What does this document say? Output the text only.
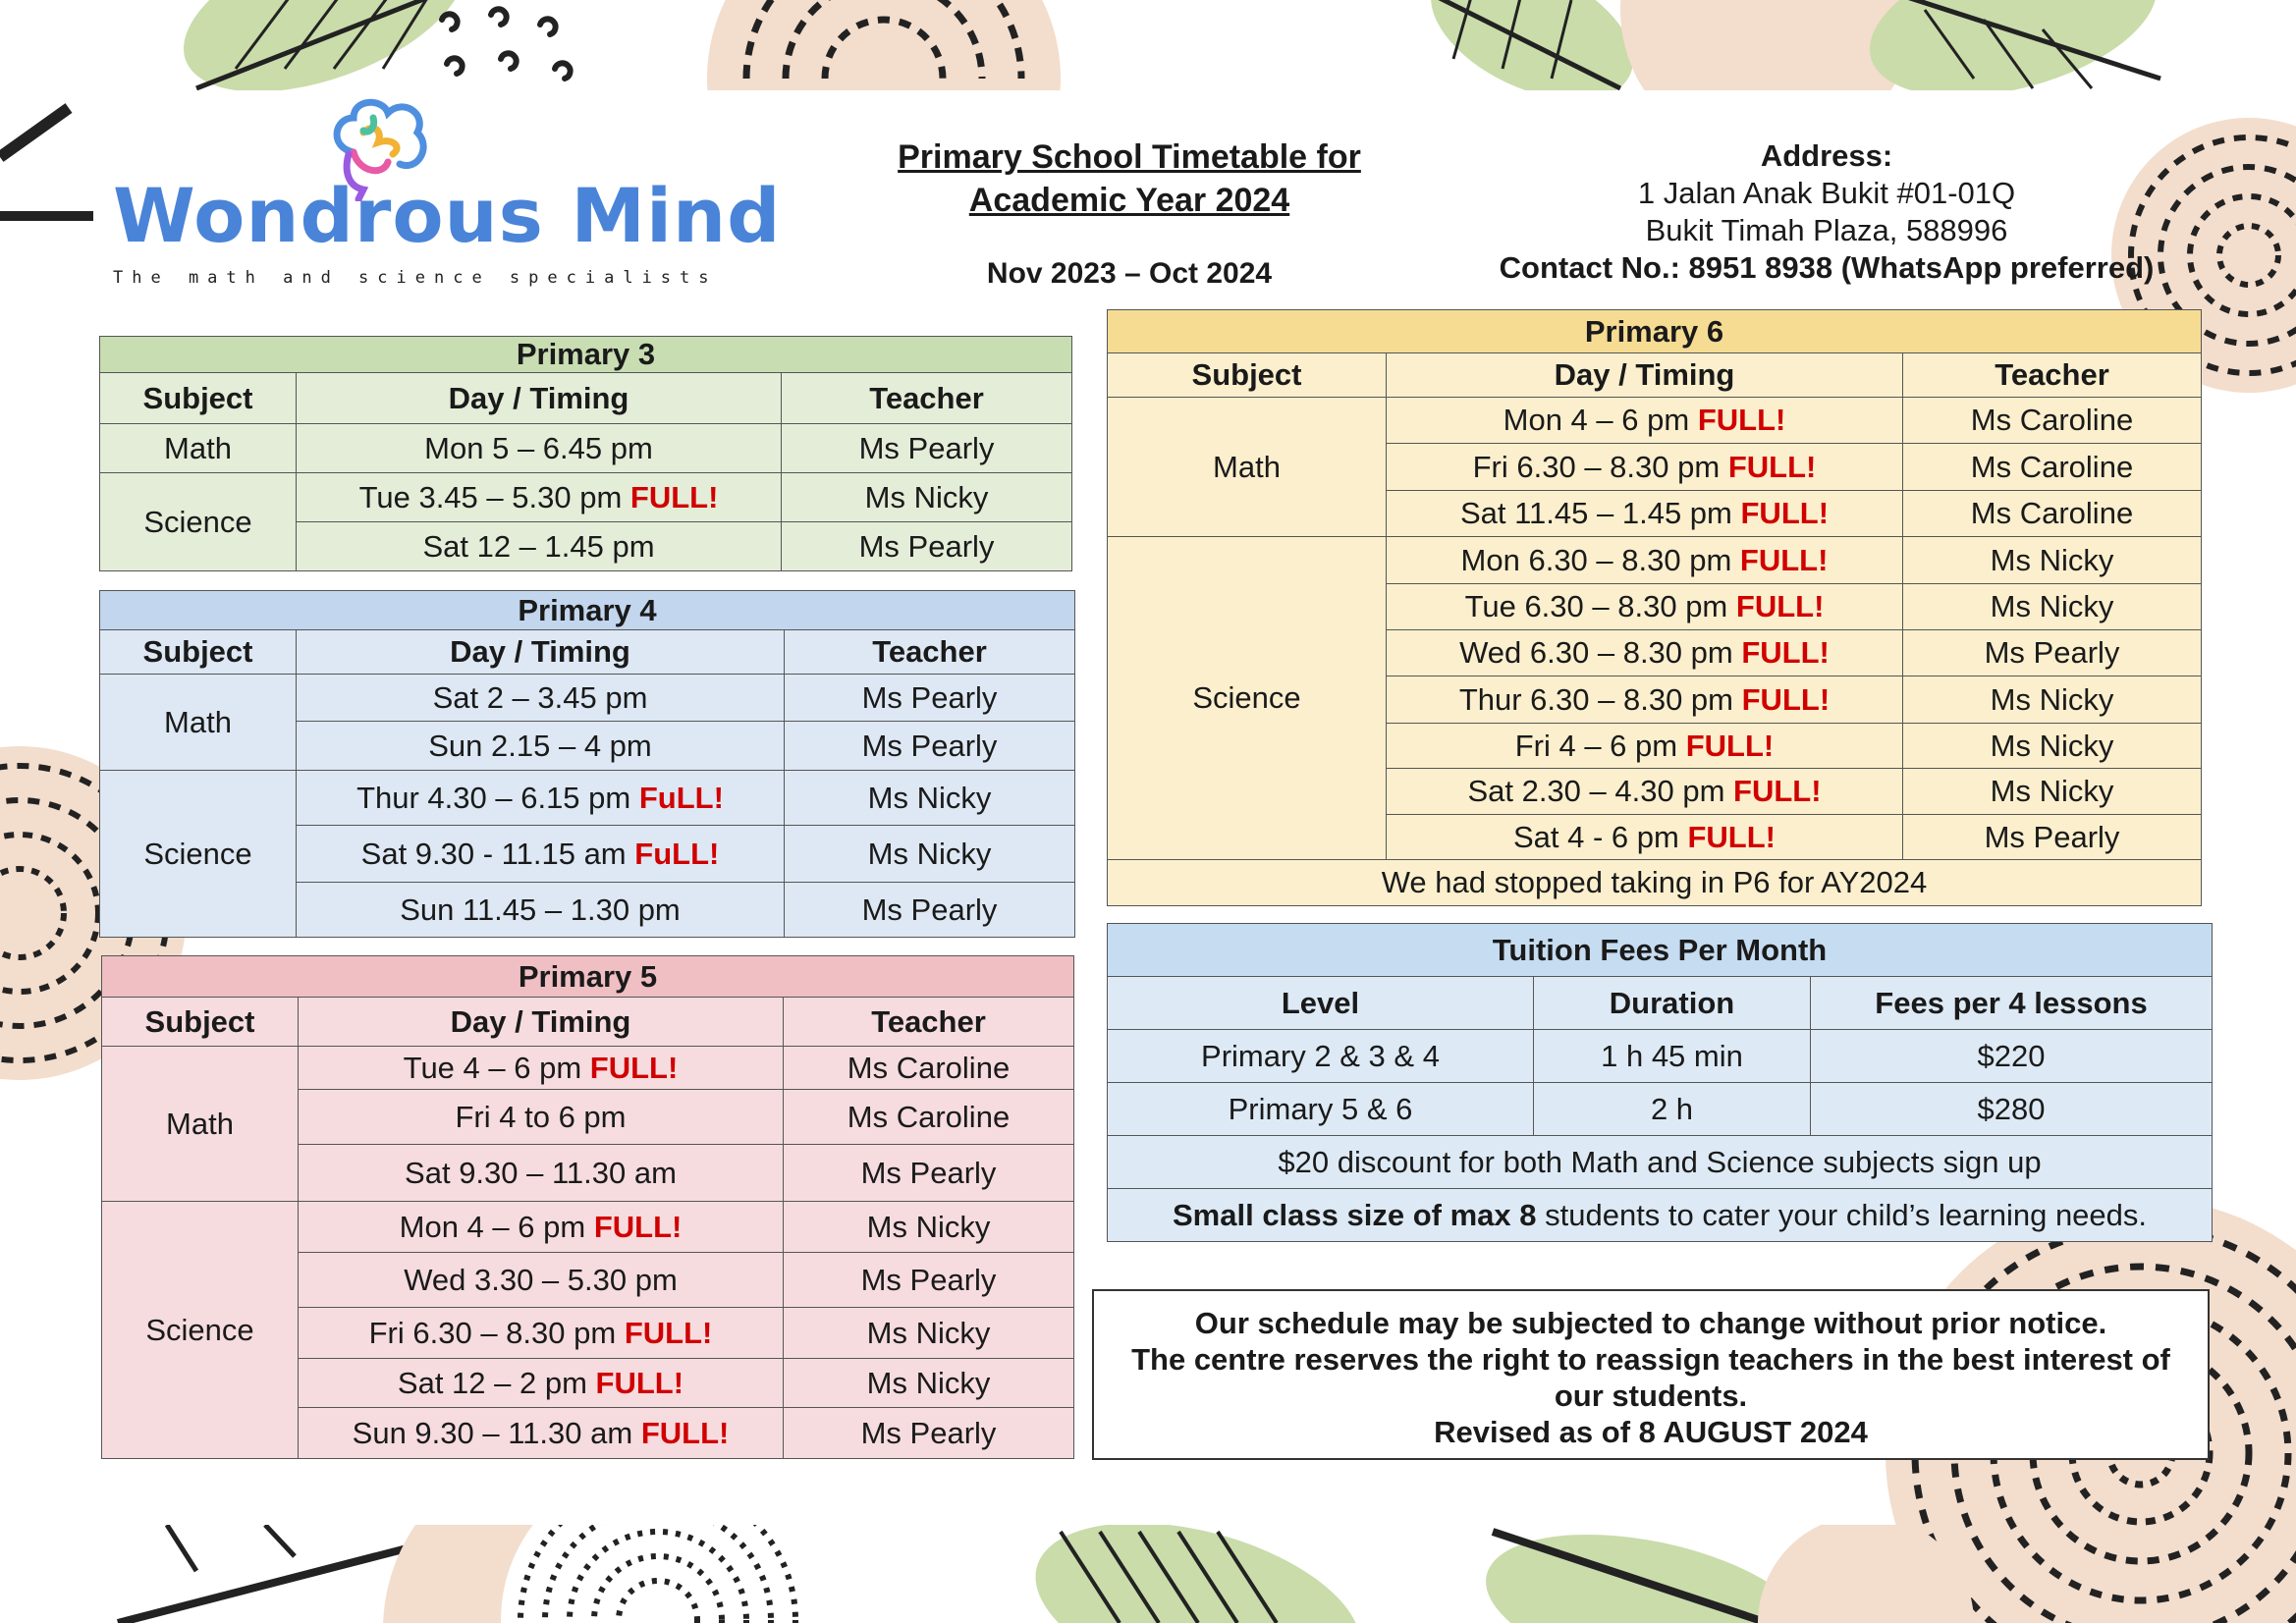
Wondrous Mind
The math and science specialists
Primary School Timetable for
Academic Year 2024
Nov 2023 – Oct 2024
Address:
1 Jalan Anak Bukit #01-01Q
Bukit Timah Plaza, 588996
Contact No.: 8951 8938 (WhatsApp preferred)
Primary 3		
Subject	Day / Timing	Teacher
Math	Mon 5 – 6.45 pm	Ms Pearly
Science	Tue 3.45 – 5.30 pm FULL!	Ms Nicky
	Sat 12 – 1.45 pm	Ms Pearly
Primary 4		
Subject	Day / Timing	Teacher
Math	Sat 2 – 3.45 pm	Ms Pearly
	Sun 2.15 – 4 pm	Ms Pearly
Science	Thur 4.30 – 6.15 pm FuLL!	Ms Nicky
	Sat 9.30 - 11.15 am FuLL!	Ms Nicky
	Sun 11.45 – 1.30 pm	Ms Pearly
Primary 5		
Subject	Day / Timing	Teacher
Math	Tue 4 – 6 pm FULL!	Ms Caroline
	Fri 4 to 6 pm	Ms Caroline
	Sat 9.30 – 11.30 am	Ms Pearly
Science	Mon 4 – 6 pm FULL!	Ms Nicky
	Wed 3.30 – 5.30 pm	Ms Pearly
	Fri 6.30 – 8.30 pm FULL!	Ms Nicky
	Sat 12 – 2 pm FULL!	Ms Nicky
	Sun 9.30 – 11.30 am FULL!	Ms Pearly
Primary 6		
Subject	Day / Timing	Teacher
Math	Mon 4 – 6 pm FULL!	Ms Caroline
	Fri 6.30 – 8.30 pm FULL!	Ms Caroline
	Sat 11.45 – 1.45 pm FULL!	Ms Caroline
Science	Mon 6.30 – 8.30 pm FULL!	Ms Nicky
	Tue 6.30 – 8.30 pm FULL!	Ms Nicky
	Wed 6.30 – 8.30 pm FULL!	Ms Pearly
	Thur 6.30 – 8.30 pm FULL!	Ms Nicky
	Fri 4 – 6 pm FULL!	Ms Nicky
	Sat 2.30 – 4.30 pm FULL!	Ms Nicky
	Sat 4 - 6 pm FULL!	Ms Pearly
We had stopped taking in P6 for AY2024		
Tuition Fees Per Month		
Level	Duration	Fees per 4 lessons
Primary 2 & 3 & 4	1 h 45 min	$220
Primary 5 & 6	2 h	$280
$20 discount for both Math and Science subjects sign up		
Small class size of max 8 students to cater your child’s learning needs.		
Our schedule may be subjected to change without prior notice.
The centre reserves the right to reassign teachers in the best interest of our students.
Revised as of 8 AUGUST 2024
